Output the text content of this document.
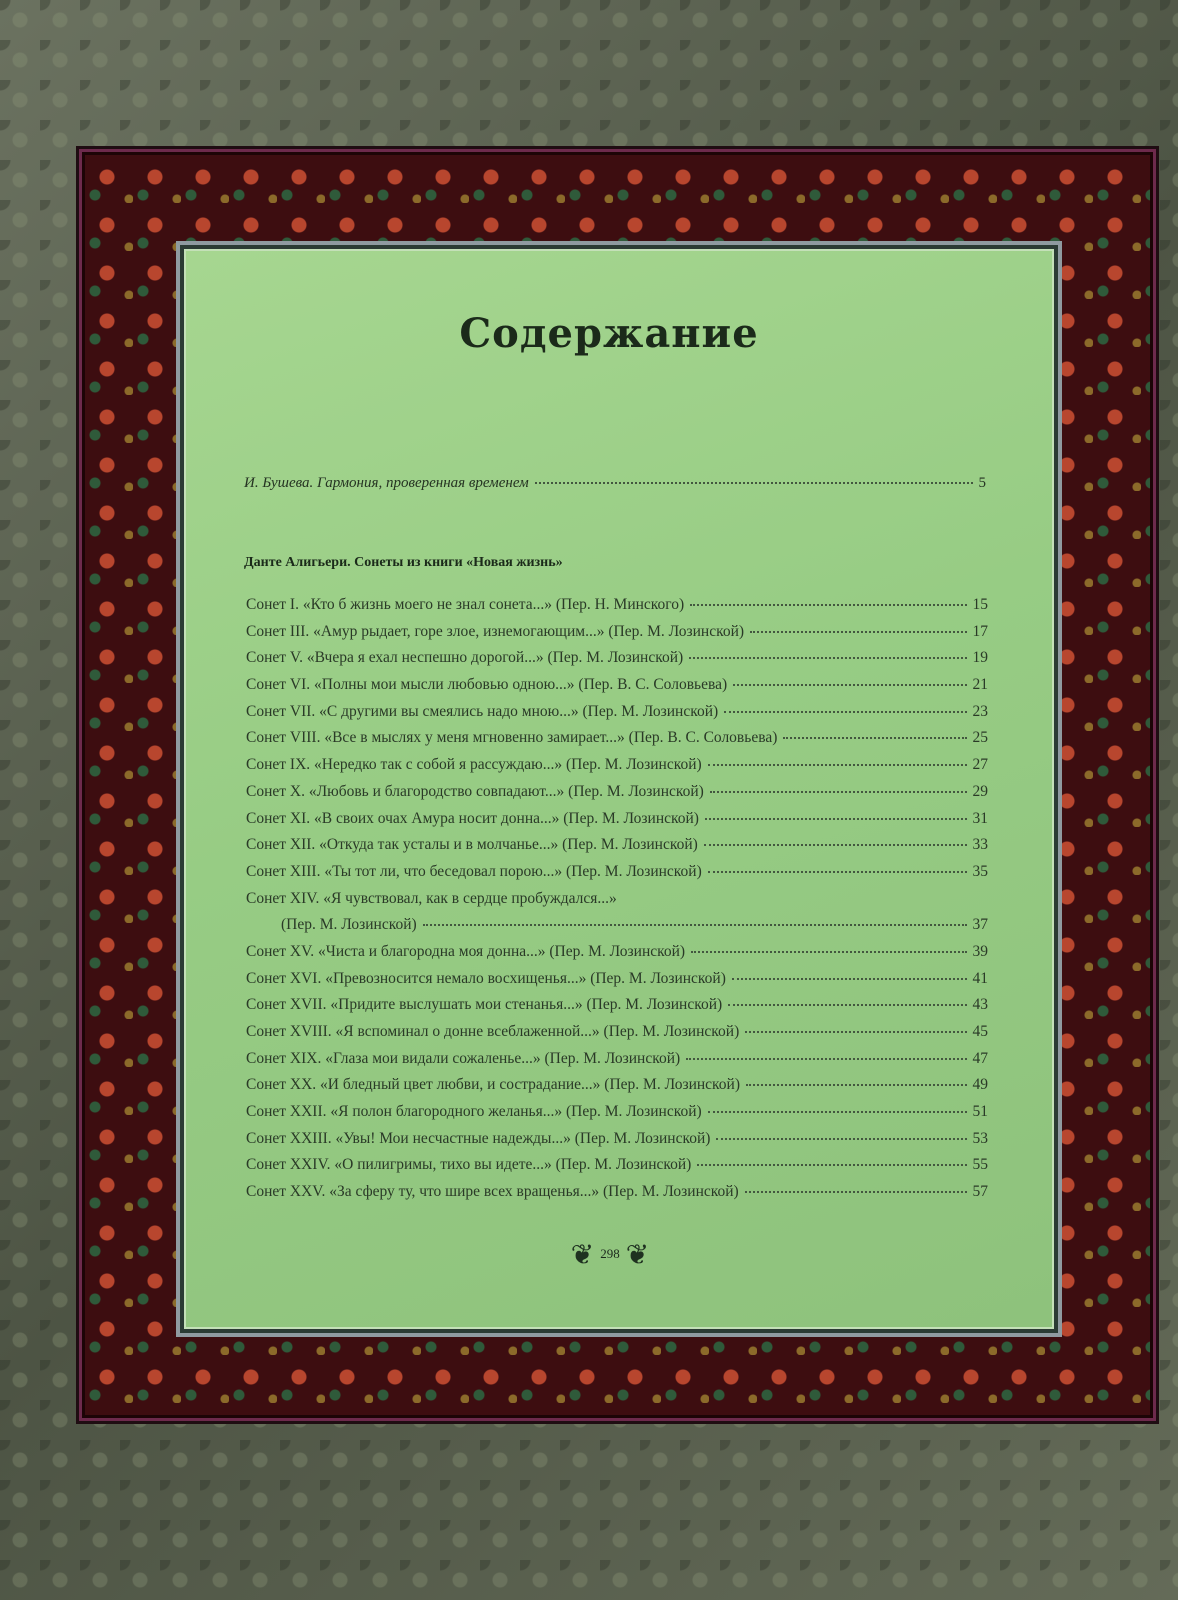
Содержание
И. Бушева. Гармония, проверенная временем	5
Данте Алигьери. Сонеты из книги «Новая жизнь»
Сонет I. «Кто б жизнь моего не знал сонета...» (Пер. Н. Минского)	15
Сонет III. «Амур рыдает, горе злое, изнемогающим...» (Пер. М. Лозинской)	17
Сонет V. «Вчера я ехал неспешно дорогой...» (Пер. М. Лозинской)	19
Сонет VI. «Полны мои мысли любовью одною...» (Пер. В. С. Соловьева)	21
Сонет VII. «С другими вы смеялись надо мною...» (Пер. М. Лозинской)	23
Сонет VIII. «Все в мыслях у меня мгновенно замирает...» (Пер. В. С. Соловьева)	25
Сонет IX. «Нередко так с собой я рассуждаю...» (Пер. М. Лозинской)	27
Сонет X. «Любовь и благородство совпадают...» (Пер. М. Лозинской)	29
Сонет XI. «В своих очах Амура носит донна...» (Пер. М. Лозинской)	31
Сонет XII. «Откуда так усталы и в молчанье...» (Пер. М. Лозинской)	33
Сонет XIII. «Ты тот ли, что беседовал порою...» (Пер. М. Лозинской)	35
Сонет XIV. «Я чувствовал, как в сердце пробуждался...»
(Пер. М. Лозинской)	37
Сонет XV. «Чиста и благородна моя донна...» (Пер. М. Лозинской)	39
Сонет XVI. «Превозносится немало восхищенья...» (Пер. М. Лозинской)	41
Сонет XVII. «Придите выслушать мои стенанья...» (Пер. М. Лозинской)	43
Сонет XVIII. «Я вспоминал о донне всеблаженной...» (Пер. М. Лозинской)	45
Сонет XIX. «Глаза мои видали сожаленье...» (Пер. М. Лозинской)	47
Сонет XX. «И бледный цвет любви, и сострадание...» (Пер. М. Лозинской)	49
Сонет XXII. «Я полон благородного желанья...» (Пер. М. Лозинской)	51
Сонет XXIII. «Увы! Мои несчастные надежды...» (Пер. М. Лозинской)	53
Сонет XXIV. «О пилигримы, тихо вы идете...» (Пер. М. Лозинской)	55
Сонет XXV. «За сферу ту, что шире всех вращенья...» (Пер. М. Лозинской)	57
❦ 298 ❦
